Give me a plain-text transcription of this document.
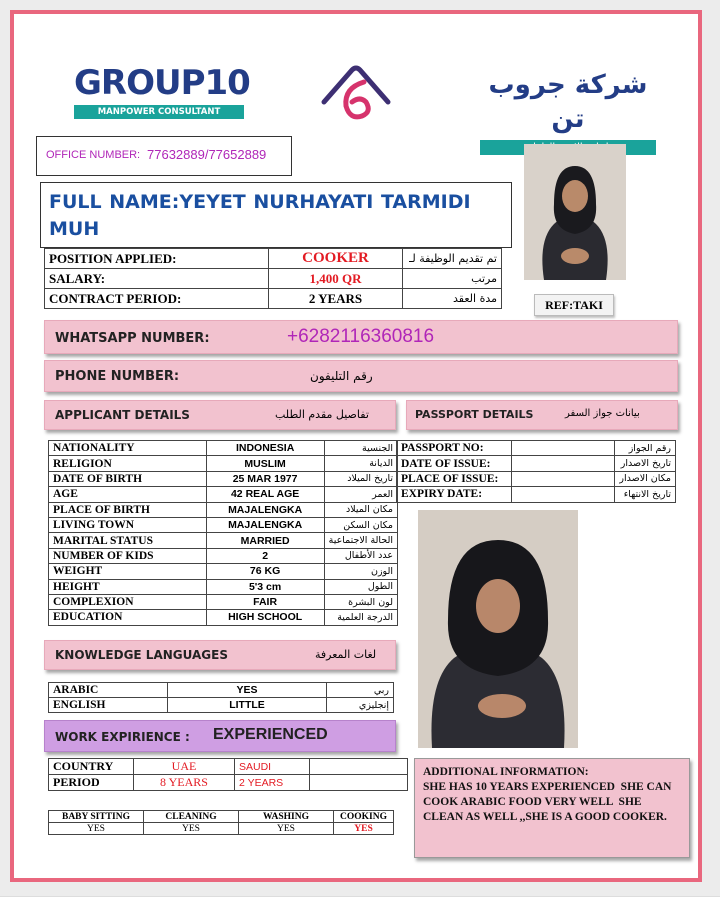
GROUP10
MANPOWER CONSULTANT
شركة جروب تن
OFFICE NUMBER: 77632889/77652889
FULL NAME:YEYET NURHAYATI TARMIDI MUH
POSITION APPLIED:	COOKER	تم تقديم الوظيفة لـ
SALARY:	1,400 QR	مرتب
CONTRACT PERIOD:	2 YEARS	مدة العقد	REF:TAKI
WHATSAPP NUMBER:	+6282116360816
PHONE NUMBER:	رقم التليفون
APPLICANT DETAILS	تفاصيل مقدم الطلب	PASSPORT DETAILS	بيانات جواز السفر
NATIONALITY	INDONESIA	الجنسية
RELIGION	MUSLIM	الديانة
DATE OF BIRTH	25 MAR 1977	تاريخ الميلاد
AGE	42 REAL AGE	العمر
PLACE OF BIRTH	MAJALENGKA	مكان الميلاد
LIVING TOWN	MAJALENGKA	مكان السكن
MARITAL STATUS	MARRIED	الحالة الاجتماعية
NUMBER OF KIDS	2	عدد الأطفال
WEIGHT	76 KG	الوزن
HEIGHT	5'3 cm	الطول
COMPLEXION	FAIR	لون البشرة
EDUCATION	HIGH SCHOOL	الدرجة العلمية
PASSPORT NO:		رقم الجواز
DATE OF ISSUE:		تاريخ الاصدار
PLACE OF ISSUE:		مكان الاصدار
EXPIRY DATE:		تاريخ الانتهاء
KNOWLEDGE LANGUAGES	لغات المعرفة
ARABIC	YES	ربي
ENGLISH	LITTLE	إنجليزي
WORK EXPIRIENCE : EXPERIENCED
COUNTRY	UAE	SAUDI	
PERIOD	8 YEARS	2 YEARS	
BABY SITTING	CLEANING	WASHING	COOKING
YES	YES	YES	YES
ADDITIONAL INFORMATION:
SHE HAS 10 YEARS EXPERIENCED  SHE CAN COOK ARABIC FOOD VERY WELL  SHE CLEAN AS WELL ,,SHE IS A GOOD COOKER.
